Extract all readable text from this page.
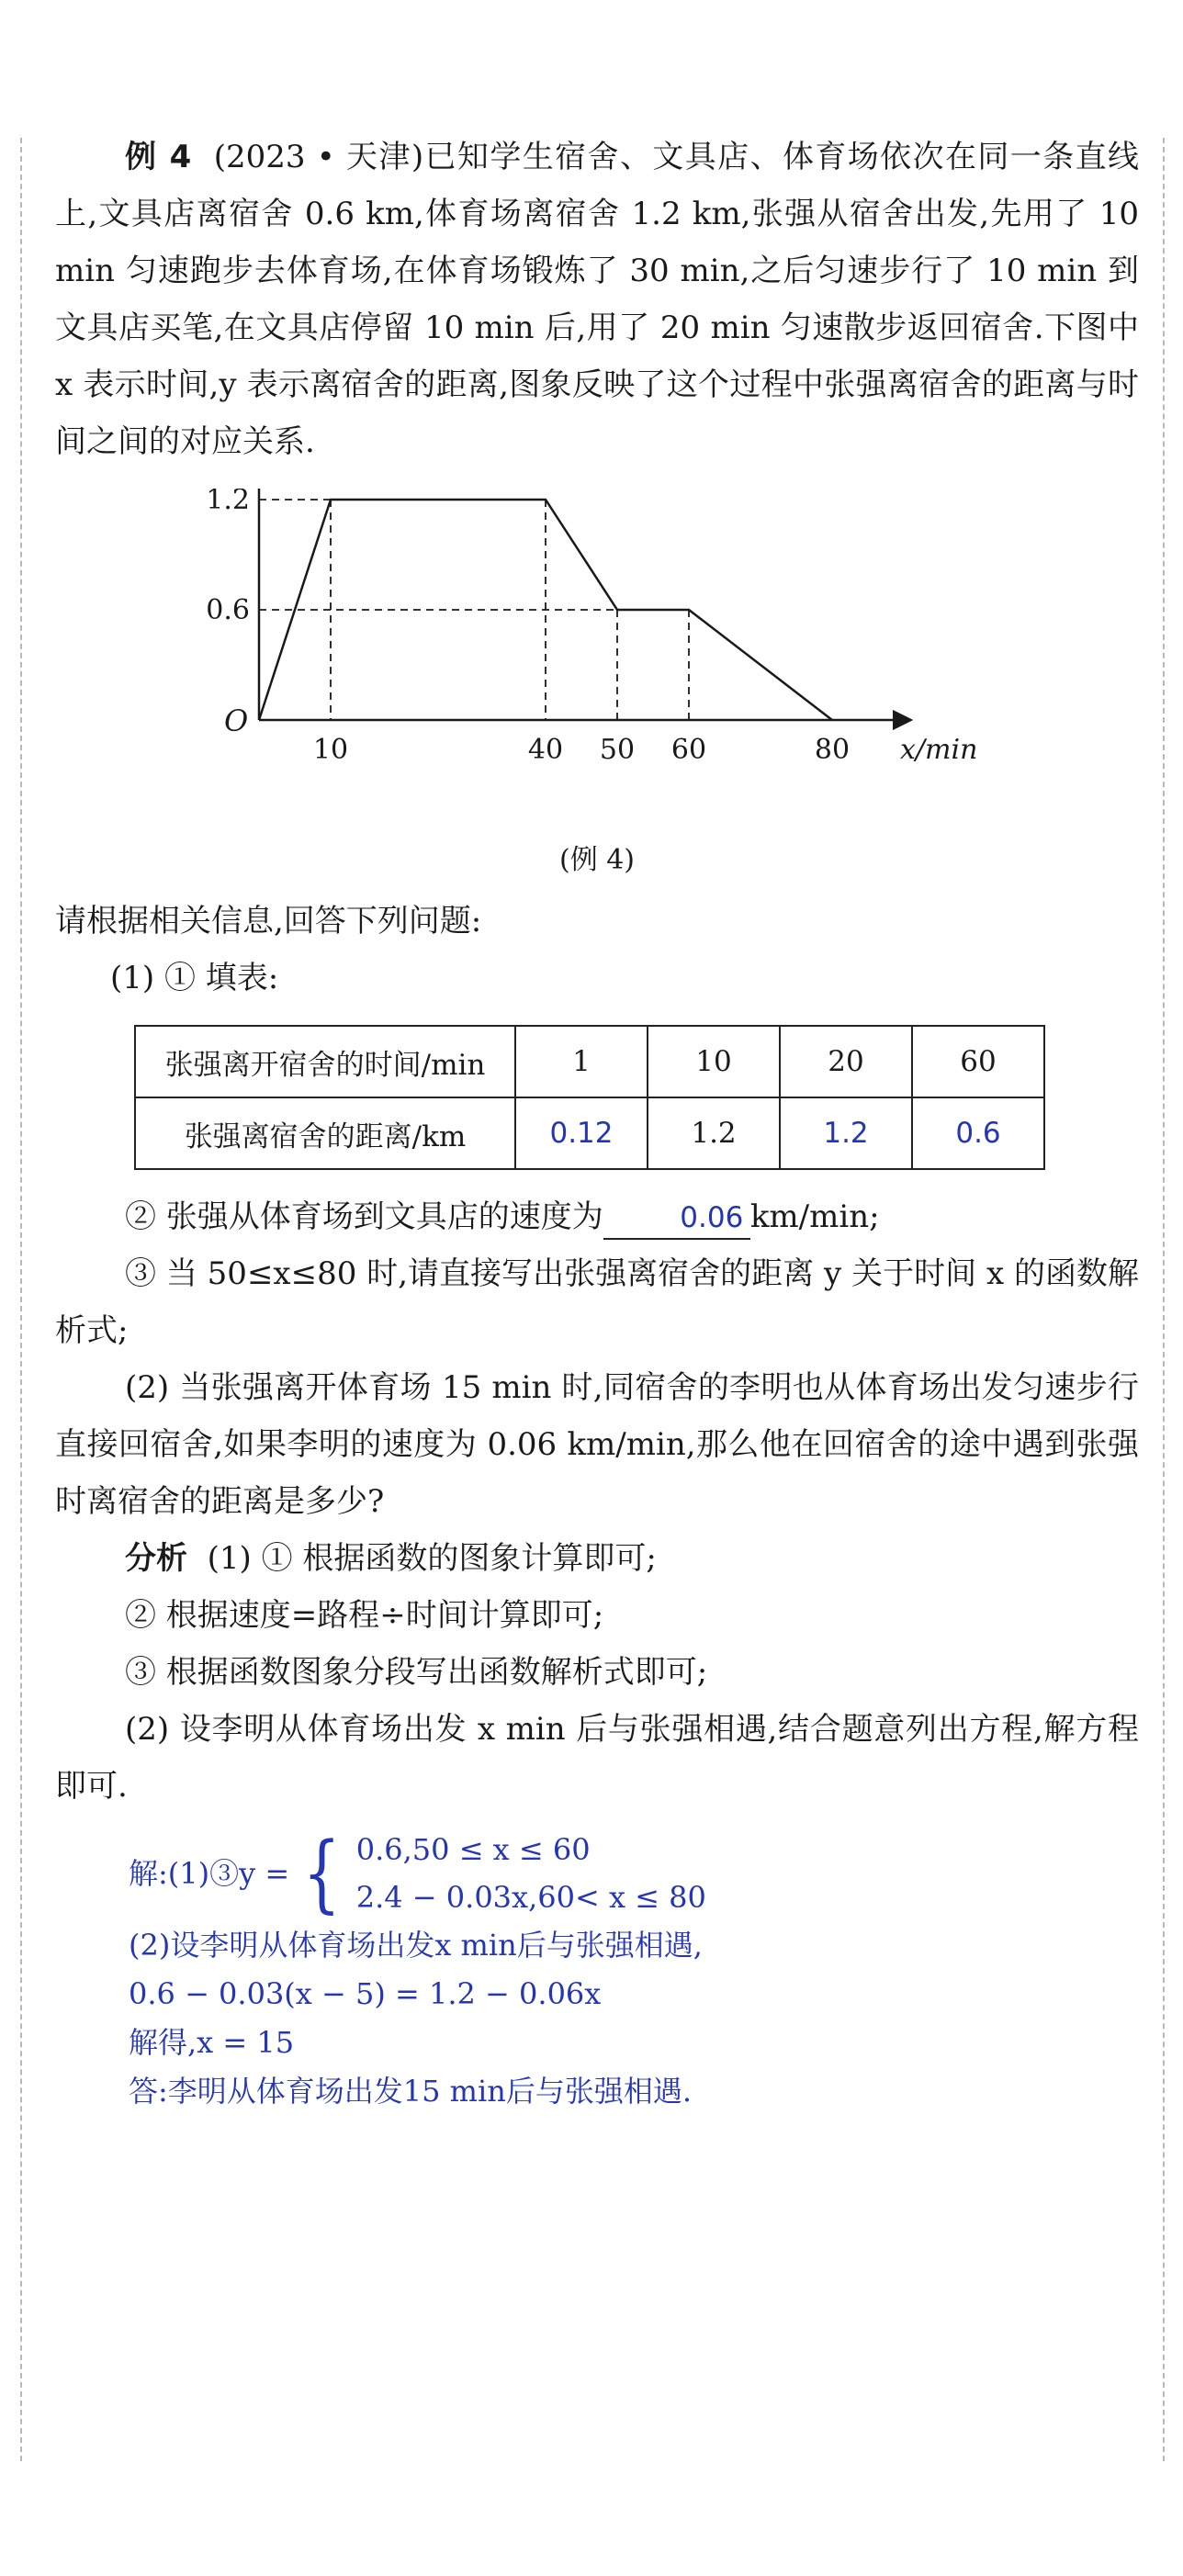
例 4 (2023 • 天津)已知学生宿舍、文具店、体育场依次在同一条直线上,文具店离宿舍 0.6 km,体育场离宿舍 1.2 km,张强从宿舍出发,先用了 10 min 匀速跑步去体育场,在体育场锻炼了 30 min,之后匀速步行了 10 min 到文具店买笔,在文具店停留 10 min 后,用了 20 min 匀速散步返回宿舍.下图中 x 表示时间,y 表示离宿舍的距离,图象反映了这个过程中张强离宿舍的距离与时间之间的对应关系.

10	40 50 60	80
0.6
1.2
x/min
O

(例 4)

请根据相关信息,回答下列问题:

(1) ① 填表:

张强离开宿舍的时间/min	1	10	20	60
张强离宿舍的距离/km	0.12	1.2	1.2	0.6

② 张强从体育场到文具店的速度为	0.06 km/min;

③ 当 50≤x≤80 时,请直接写出张强离宿舍的距离 y 关于时间 x 的函数解析式;

(2) 当张强离开体育场 15 min 时,同宿舍的李明也从体育场出发匀速步行直接回宿舍,如果李明的速度为 0.06 km/min,那么他在回宿舍的途中遇到张强时离宿舍的距离是多少?

分析 (1) ① 根据函数的图象计算即可;

② 根据速度=路程÷时间计算即可;

③ 根据函数图象分段写出函数解析式即可;

(2) 设李明从体育场出发 x min 后与张强相遇,结合题意列出方程,解方程即可.

解:(1)③y = { 0.6,50 ≤ x ≤ 60
2.4 − 0.03x,60< x ≤ 80
(2)设李明从体育场出发x min后与张强相遇,
0.6 − 0.03(x − 5) = 1.2 − 0.06x
解得,x = 15
答:李明从体育场出发15 min后与张强相遇.
